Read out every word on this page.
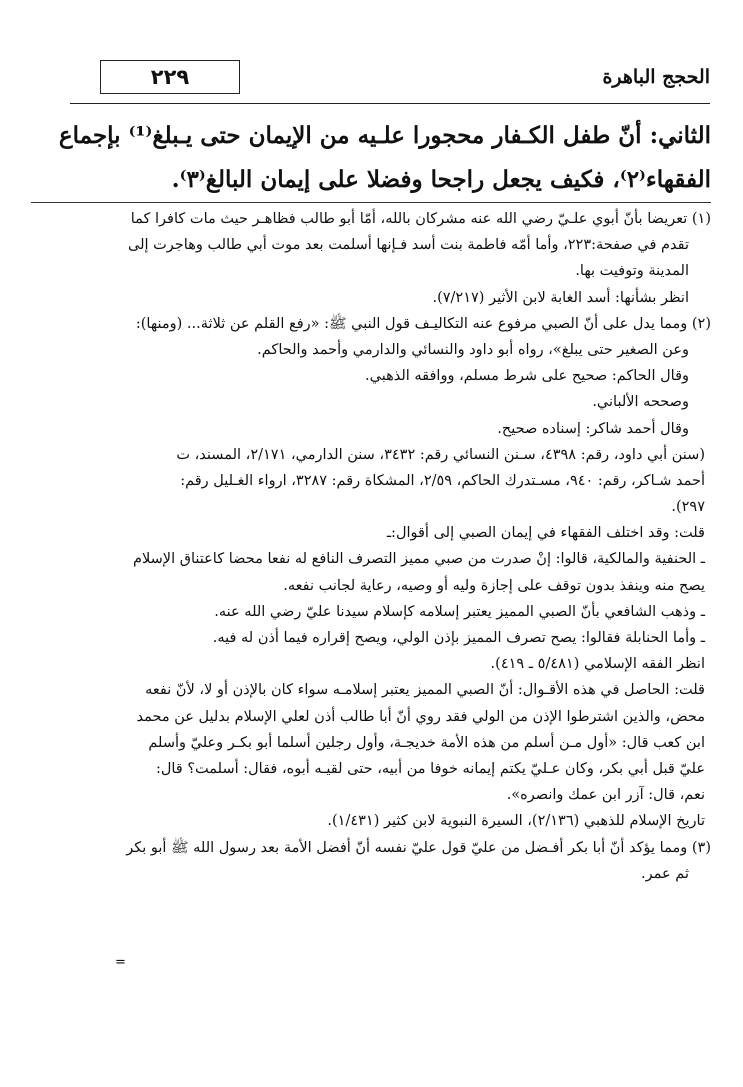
٢٢٩	الحجج الباهرة
الثاني: أنّ طفل الكـفار محجورا علـيه من الإيمان حتى يـبلغ⁽¹⁾ بإجماع
الفقهاء⁽٢⁾، فكيف يجعل راجحا وفضلا على إيمان البالغ⁽٣⁾.
(١) تعريضا بأنّ أبوي علـيّ رضي الله عنه مشركان بالله، أمّا أبو طالب فظاهـر حيث مات كافرا كما
تقدم في صفحة:٢٢٣، وأما أمّه فاطمة بنت أسد فـإنها أسلمت بعد موت أبي طالب وهاجرت إلى
المدينة وتوفيت بها.
انظر بشأنها: أسد الغابة لابن الأثير (٧/٢١٧).
(٢) ومما يدل على أنّ الصبي مرفوع عنه التكاليـف قول النبي ﷺ: «رفع القلم عن ثلاثة... (ومنها):
وعن الصغير حتى يبلغ»، رواه أبو داود والنسائي والدارمي وأحمد والحاكم.
وقال الحاكم: صحيح على شرط مسلم، ووافقه الذهبي.
وصححه الألباني.
وقال أحمد شاكر: إسناده صحيح.
(سنن أبي داود، رقم: ٤٣٩٨، سـنن النسائي رقم: ٣٤٣٢، سنن الدارمي، ٢/١٧١، المسند، ت
أحمد شـاكر، رقم: ٩٤٠، مسـتدرك الحاكم، ٢/٥٩، المشكاة رقم: ٣٢٨٧، ارواء الغـليل رقم:
٢٩٧).
قلت: وقد اختلف الفقهاء في إيمان الصبي إلى أقوال:ـ
ـ الحنفية والمالكية، قالوا: إنْ صدرت من صبي مميز التصرف النافع له نفعا محضا كاعتناق الإسلام
يصح منه وينفذ بدون توقف على إجازة وليه أو وصيه، رعاية لجانب نفعه.
ـ وذهب الشافعي بأنّ الصبي المميز يعتبر إسلامه كإسلام سيدنا عليّ رضي الله عنه.
ـ وأما الحنابلة فقالوا: يصح تصرف المميز بإذن الولي، ويصح إقراره فيما أذن له فيه.
انظر الفقه الإسلامي (٥/٤٨١ ـ ٤١٩).
قلت: الحاصل في هذه الأقـوال: أنّ الصبي المميز يعتبر إسلامـه سواء كان بالإذن أو لا، لأنّ نفعه
محض، والذين اشترطوا الإذن من الولي فقد روي أنّ أبا طالب أذن لعلي الإسلام بدليل عن محمد
ابن كعب قال: «أول مـن أسلم من هذه الأمة خديجـة، وأول رجلين أسلما أبو بكـر وعليّ وأسلم
عليّ قبل أبي بكر، وكان عـليّ يكتم إيمانه خوفا من أبيه، حتى لقيـه أبوه، فقال: أسلمت؟ قال:
نعم، قال: آزر ابن عمك وانصره».
تاريخ الإسلام للذهبي (٢/١٣٦)، السيرة النبوية لابن كثير (١/٤٣١).
(٣) ومما يؤكد أنّ أبا بكر أفـضل من عليّ قول عليّ نفسه أنّ أفضل الأمة بعد رسول الله ﷺ أبو بكر
ثم عمر.
=
